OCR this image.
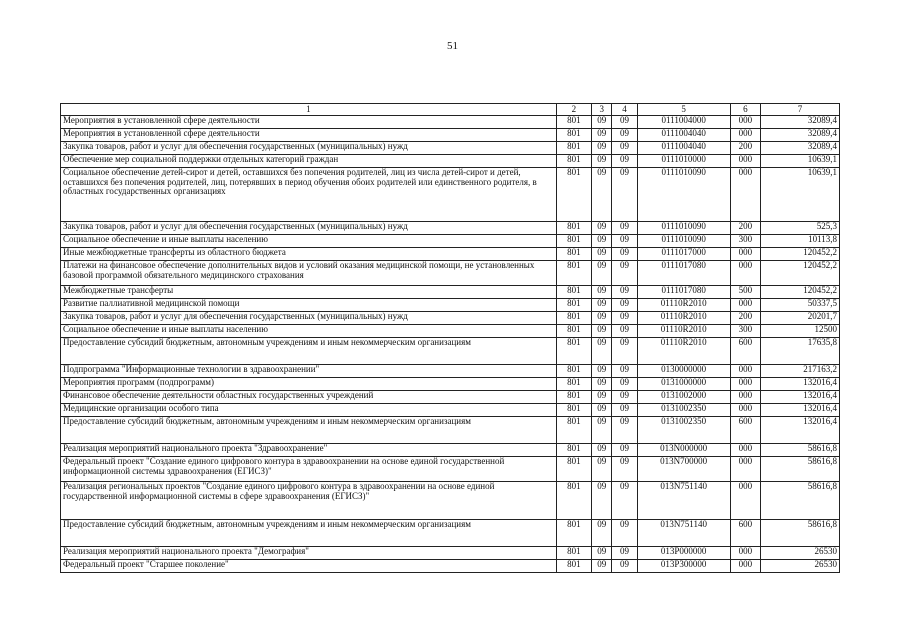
51
1	2	3	4	5	6	7
Мероприятия в установленной сфере деятельности	801	09	09	0111004000	000	32089,4
Мероприятия в установленной сфере деятельности	801	09	09	0111004040	000	32089,4
Закупка товаров, работ и услуг для обеспечения государственных (муниципальных) нужд	801	09	09	0111004040	200	32089,4
Обеспечение мер социальной поддержки отдельных категорий граждан	801	09	09	0111010000	000	10639,1
Социальное обеспечение детей-сирот и детей, оставшихся без попечения родителей, лиц из числа детей-сирот и детей, оставшихся без попечения родителей, лиц, потерявших в период обучения обоих родителей или единственного родителя, в областных государственных организациях	801	09	09	0111010090	000	10639,1
Закупка товаров, работ и услуг для обеспечения государственных (муниципальных) нужд	801	09	09	0111010090	200	525,3
Социальное обеспечение и иные выплаты населению	801	09	09	0111010090	300	10113,8
Иные межбюджетные трансферты из областного бюджета	801	09	09	0111017000	000	120452,2
Платежи на финансовое обеспечение дополнительных видов и условий оказания медицинской помощи, не установленных базовой программой обязательного медицинского страхования	801	09	09	0111017080	000	120452,2
Межбюджетные трансферты	801	09	09	0111017080	500	120452,2
Развитие паллиативной медицинской помощи	801	09	09	01110R2010	000	50337,5
Закупка товаров, работ и услуг для обеспечения государственных (муниципальных) нужд	801	09	09	01110R2010	200	20201,7
Социальное обеспечение и иные выплаты населению	801	09	09	01110R2010	300	12500
Предоставление субсидий бюджетным, автономным учреждениям и иным некоммерческим организациям	801	09	09	01110R2010	600	17635,8
Подпрограмма "Информационные технологии в здравоохранении"	801	09	09	0130000000	000	217163,2
Мероприятия программ (подпрограмм)	801	09	09	0131000000	000	132016,4
Финансовое обеспечение деятельности областных государственных учреждений	801	09	09	0131002000	000	132016,4
Медицинские организации особого типа	801	09	09	0131002350	000	132016,4
Предоставление субсидий бюджетным, автономным учреждениям и иным некоммерческим организациям	801	09	09	0131002350	600	132016,4
Реализация мероприятий национального проекта "Здравоохранение"	801	09	09	013N000000	000	58616,8
Федеральный проект "Создание единого цифрового контура в здравоохранении на основе единой государственной информационной системы здравоохранения (ЕГИСЗ)"	801	09	09	013N700000	000	58616,8
Реализация региональных проектов "Создание единого цифрового контура в здравоохранении на основе единой государственной информационной системы в сфере здравоохранения (ЕГИСЗ)"	801	09	09	013N751140	000	58616,8
Предоставление субсидий бюджетным, автономным учреждениям и иным некоммерческим организациям	801	09	09	013N751140	600	58616,8
Реализация мероприятий национального проекта "Демография"	801	09	09	013P000000	000	26530
Федеральный проект "Старшее поколение"	801	09	09	013P300000	000	26530
